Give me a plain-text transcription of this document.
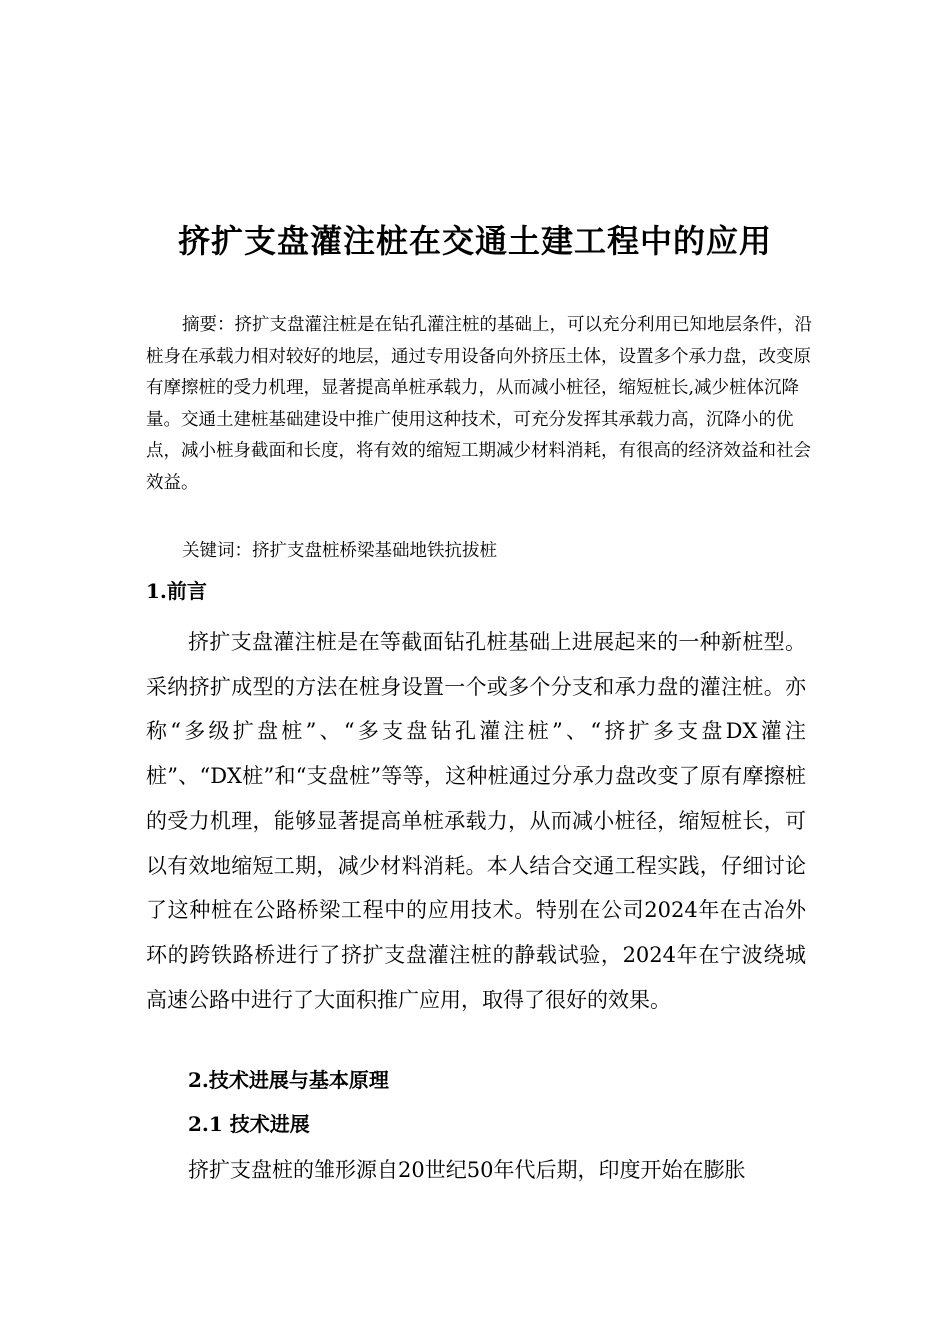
挤扩支盘灌注桩在交通土建工程中的应用

摘要：挤扩支盘灌注桩是在钻孔灌注桩的基础上，可以充分利用已知地层条件，沿桩身在承载力相对较好的地层，通过专用设备向外挤压土体，设置多个承力盘，改变原有摩擦桩的受力机理，显著提高单桩承载力，从而减小桩径，缩短桩长,减少桩体沉降量。交通土建桩基础建设中推广使用这种技术，可充分发挥其承载力高，沉降小的优点，减小桩身截面和长度，将有效的缩短工期减少材料消耗，有很高的经济效益和社会效益。

关键词：挤扩支盘桩桥梁基础地铁抗拔桩

1.前言

挤扩支盘灌注桩是在等截面钻孔桩基础上进展起来的一种新桩型。采纳挤扩成型的方法在桩身设置一个或多个分支和承力盘的灌注桩。亦称“多级扩盘桩”、“多支盘钻孔灌注桩”、“挤扩多支盘DX灌注桩”、“DX桩”和“支盘桩”等等，这种桩通过分承力盘改变了原有摩擦桩的受力机理，能够显著提高单桩承载力，从而减小桩径，缩短桩长，可以有效地缩短工期，减少材料消耗。本人结合交通工程实践，仔细讨论了这种桩在公路桥梁工程中的应用技术。特别在公司2024年在古冶外环的跨铁路桥进行了挤扩支盘灌注桩的静载试验，2024年在宁波绕城高速公路中进行了大面积推广应用，取得了很好的效果。

2.技术进展与基本原理
2.1 技术进展

挤扩支盘桩的雏形源自20世纪50年代后期，印度开始在膨胀
